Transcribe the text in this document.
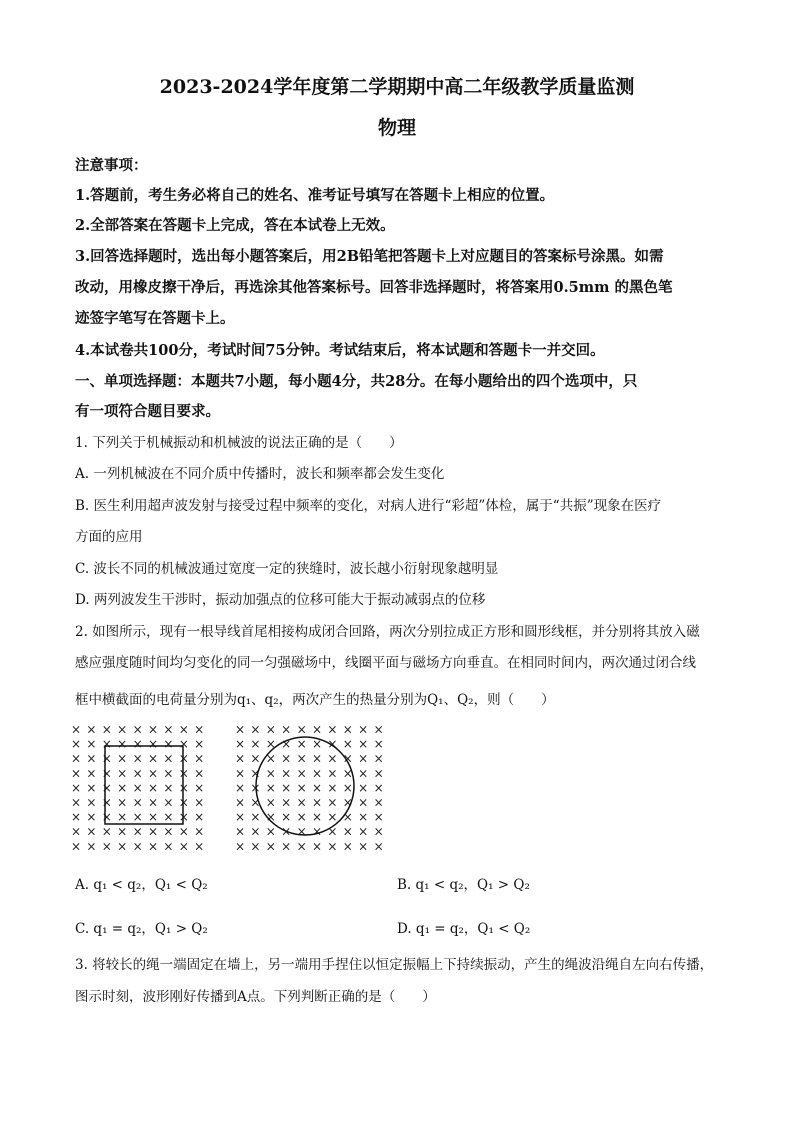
2023-2024学年度第二学期期中高二年级教学质量监测
物理
注意事项：
1.答题前，考生务必将自己的姓名、准考证号填写在答题卡上相应的位置。
2.全部答案在答题卡上完成，答在本试卷上无效。
3.回答选择题时，选出每小题答案后，用2B铅笔把答题卡上对应题目的答案标号涂黑。如需
改动，用橡皮擦干净后，再选涂其他答案标号。回答非选择题时，将答案用0.5mm 的黑色笔
迹签字笔写在答题卡上。
4.本试卷共100分，考试时间75分钟。考试结束后，将本试题和答题卡一并交回。
一、单项选择题：本题共7小题，每小题4分，共28分。在每小题给出的四个选项中，只
有一项符合题目要求。
1. 下列关于机械振动和机械波的说法正确的是（　　）
A. 一列机械波在不同介质中传播时，波长和频率都会发生变化
B. 医生利用超声波发射与接受过程中频率的变化，对病人进行“彩超”体检，属于“共振”现象在医疗
方面的应用
C. 波长不同的机械波通过宽度一定的狭缝时，波长越小衍射现象越明显
D. 两列波发生干涉时，振动加强点的位移可能大于振动减弱点的位移
2. 如图所示，现有一根导线首尾相接构成闭合回路，两次分别拉成正方形和圆形线框，并分别将其放入磁
感应强度随时间均匀变化的同一匀强磁场中，线圈平面与磁场方向垂直。在相同时间内，两次通过闭合线
框中横截面的电荷量分别为q₁、q₂，两次产生的热量分别为Q₁、Q₂，则（　　）
× × × × × × × × ×
× × × × × × × × ×
× × × × × × × × ×
× × × × × × × × ×
× × × × × × × × ×
× × × × × × × × ×
× × × × × × × × ×
× × × × × × × × ×
× × × × × × × × ×
× × × × × × × × × ×
× × × × × × × × × ×
× × × × × × × × × ×
× × × × × × × × × ×
× × × × × × × × × ×
× × × × × × × × × ×
× × × × × × × × × ×
× × × × × × × × × ×
× × × × × × × × × ×
A. q₁ < q₂，Q₁ < Q₂	B. q₁ < q₂，Q₁ > Q₂
C. q₁ = q₂，Q₁ > Q₂	D. q₁ = q₂，Q₁ < Q₂
3. 将较长的绳一端固定在墙上，另一端用手捏住以恒定振幅上下持续振动，产生的绳波沿绳自左向右传播，
图示时刻，波形刚好传播到A点。下列判断正确的是（　　）
